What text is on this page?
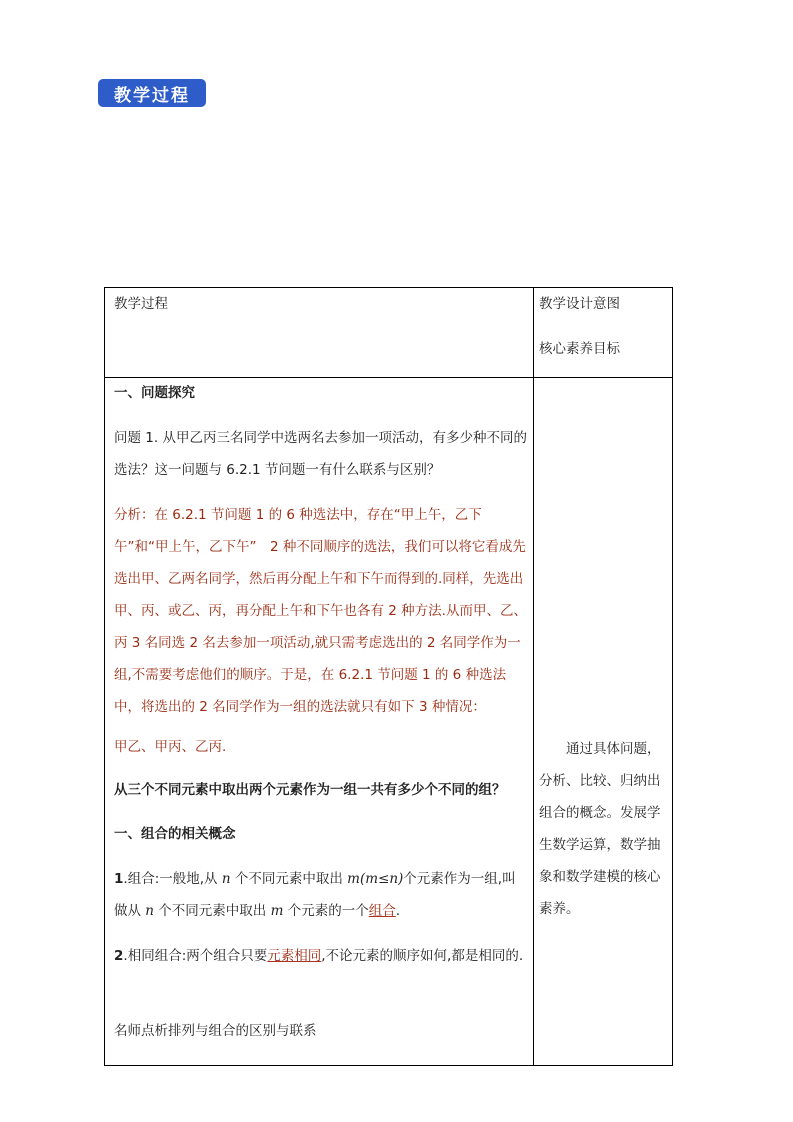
教学过程
教学过程	教学设计意图
核心素养目标
一、问题探究
问题 1. 从甲乙丙三名同学中选两名去参加一项活动，有多少种不同的选法？这一问题与 6.2.1 节问题一有什么联系与区别？
分析：在 6.2.1 节问题 1 的 6 种选法中，存在“甲上午，乙下午”和“甲上午，乙下午”　2 种不同顺序的选法，我们可以将它看成先选出甲、乙两名同学，然后再分配上午和下午而得到的.同样，先选出甲、丙、或乙、丙，再分配上午和下午也各有 2 种方法.从而甲、乙、丙 3 名同选 2 名去参加一项活动,就只需考虑选出的 2 名同学作为一组,不需要考虑他们的顺序。于是，在 6.2.1 节问题 1 的 6 种选法中，将选出的 2 名同学作为一组的选法就只有如下 3 种情况：
甲乙、甲丙、乙丙.
从三个不同元素中取出两个元素作为一组一共有多少个不同的组？
一、组合的相关概念
1.组合:一般地,从 n 个不同元素中取出 m(m≤n)个元素作为一组,叫做从 n 个不同元素中取出 m 个元素的一个组合.
2.相同组合:两个组合只要元素相同,不论元素的顺序如何,都是相同的.
名师点析排列与组合的区别与联系
通过具体问题，分析、比较、归纳出组合的概念。发展学生数学运算，数学抽象和数学建模的核心素养。
